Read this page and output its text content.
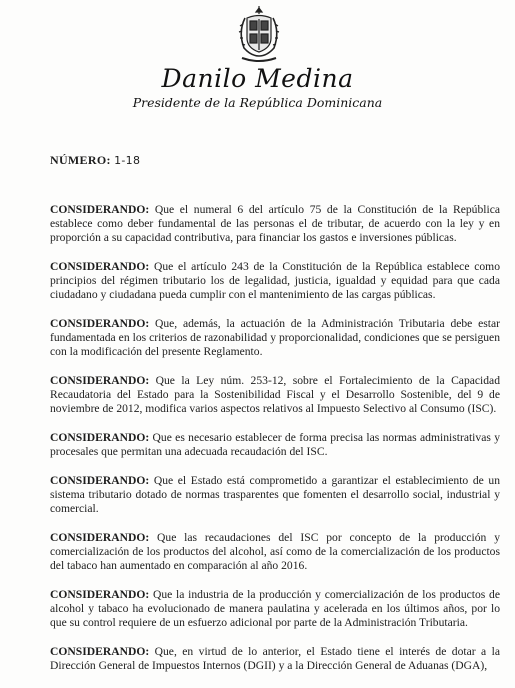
Danilo Medina
Presidente de la República Dominicana
NÚMERO: 1-18

CONSIDERANDO: Que el numeral 6 del artículo 75 de la Constitución de la República establece como deber fundamental de las personas el de tributar, de acuerdo con la ley y en proporción a su capacidad contributiva, para financiar los gastos e inversiones públicas.

CONSIDERANDO: Que el artículo 243 de la Constitución de la República establece como principios del régimen tributario los de legalidad, justicia, igualdad y equidad para que cada ciudadano y ciudadana pueda cumplir con el mantenimiento de las cargas públicas.

CONSIDERANDO: Que, además, la actuación de la Administración Tributaria debe estar fundamentada en los criterios de razonabilidad y proporcionalidad, condiciones que se persiguen con la modificación del presente Reglamento.

CONSIDERANDO: Que la Ley núm. 253-12, sobre el Fortalecimiento de la Capacidad Recaudatoria del Estado para la Sostenibilidad Fiscal y el Desarrollo Sostenible, del 9 de noviembre de 2012, modifica varios aspectos relativos al Impuesto Selectivo al Consumo (ISC).

CONSIDERANDO: Que es necesario establecer de forma precisa las normas administrativas y procesales que permitan una adecuada recaudación del ISC.

CONSIDERANDO: Que el Estado está comprometido a garantizar el establecimiento de un sistema tributario dotado de normas trasparentes que fomenten el desarrollo social, industrial y comercial.

CONSIDERANDO: Que las recaudaciones del ISC por concepto de la producción y comercialización de los productos del alcohol, así como de la comercialización de los productos del tabaco han aumentado en comparación al año 2016.

CONSIDERANDO: Que la industria de la producción y comercialización de los productos de alcohol y tabaco ha evolucionado de manera paulatina y acelerada en los últimos años, por lo que su control requiere de un esfuerzo adicional por parte de la Administración Tributaria.

CONSIDERANDO: Que, en virtud de lo anterior, el Estado tiene el interés de dotar a la Dirección General de Impuestos Internos (DGII) y a la Dirección General de Aduanas (DGA),
